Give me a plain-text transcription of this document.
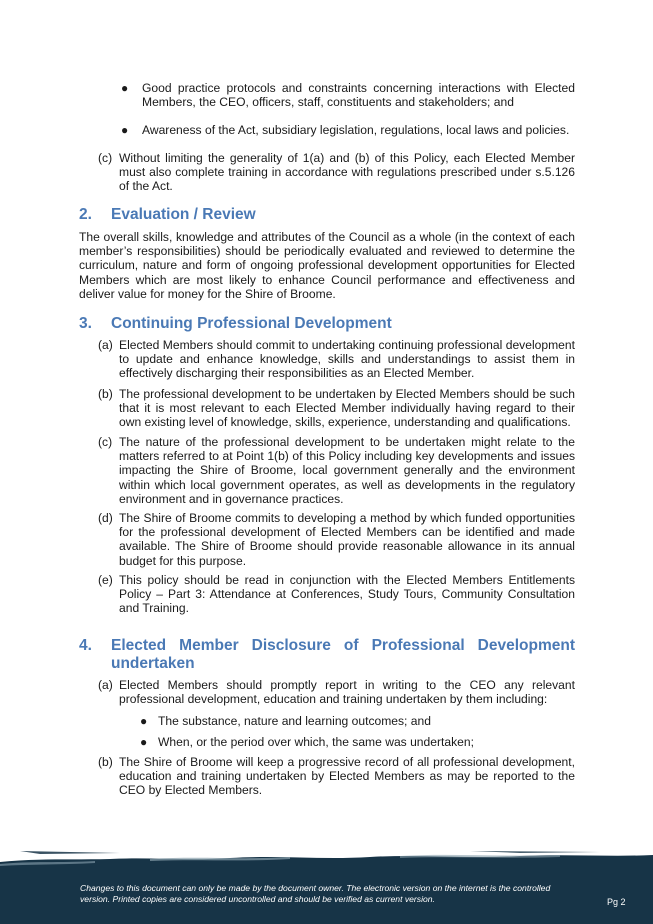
● Good practice protocols and constraints concerning interactions with Elected Members, the CEO, officers, staff, constituents and stakeholders; and
● Awareness of the Act, subsidiary legislation, regulations, local laws and policies.
(c) Without limiting the generality of 1(a) and (b) of this Policy, each Elected Member must also complete training in accordance with regulations prescribed under s.5.126 of the Act.
2. Evaluation / Review
The overall skills, knowledge and attributes of the Council as a whole (in the context of each member’s responsibilities) should be periodically evaluated and reviewed to determine the curriculum, nature and form of ongoing professional development opportunities for Elected Members which are most likely to enhance Council performance and effectiveness and deliver value for money for the Shire of Broome.
3. Continuing Professional Development
(a) Elected Members should commit to undertaking continuing professional development to update and enhance knowledge, skills and understandings to assist them in effectively discharging their responsibilities as an Elected Member.
(b) The professional development to be undertaken by Elected Members should be such that it is most relevant to each Elected Member individually having regard to their own existing level of knowledge, skills, experience, understanding and qualifications.
(c) The nature of the professional development to be undertaken might relate to the matters referred to at Point 1(b) of this Policy including key developments and issues impacting the Shire of Broome, local government generally and the environment within which local government operates, as well as developments in the regulatory environment and in governance practices.
(d) The Shire of Broome commits to developing a method by which funded opportunities for the professional development of Elected Members can be identified and made available. The Shire of Broome should provide reasonable allowance in its annual budget for this purpose.
(e) This policy should be read in conjunction with the Elected Members Entitlements Policy – Part 3: Attendance at Conferences, Study Tours, Community Consultation and Training.
4. Elected Member Disclosure of Professional Development
undertaken
(a) Elected Members should promptly report in writing to the CEO any relevant professional development, education and training undertaken by them including:
● The substance, nature and learning outcomes; and
● When, or the period over which, the same was undertaken;
(b) The Shire of Broome will keep a progressive record of all professional development, education and training undertaken by Elected Members as may be reported to the CEO by Elected Members.
Changes to this document can only be made by the document owner. The electronic version on the internet is the controlled version. Printed copies are considered uncontrolled and should be verified as current version.	Pg 2
